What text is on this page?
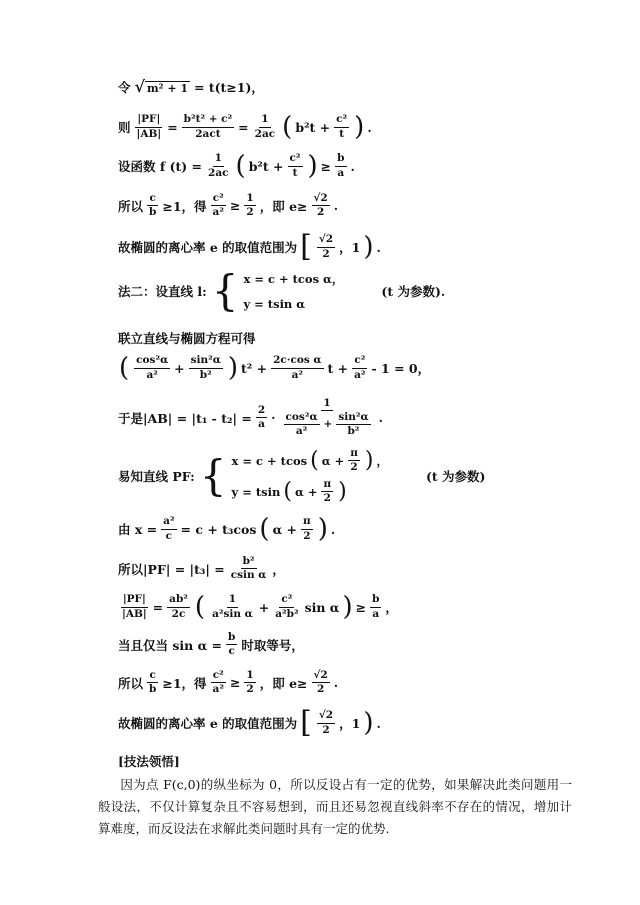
令 √ m² + 1 = t(t≥1)，
则 $\frac{|PF|}{|AB|} = \frac{\text{b²t² + c²}}{\text{2act}} = \frac{1}{2ac}$ ( $b^2t + \frac{\text{c²}}{t}$ ) .
设函数 f $(t) = \frac{1}{2ac}$ ( $b^2t + \frac{\text{c²}}{t}$ ) ≥ $\frac{b}{a}$ .
所以 $\frac{c}{b} \ge 1$，得 $\frac{\text{c²}}{\text{a²}} \ge \frac{1}{2}$ ，即 $e\ge \frac{√2}{2}$ .
故椭圆的离心率 e 的取值范围为 [ $\frac{√2}{2}$ ，1 ) .
法二：设直线 l: { x = c + tcos α，
y = tsin α
(t 为参数).
联立直线与椭圆方程可得
( $\frac{\text{cos²α}}{\text{a²}} + \frac{\text{sin²α}}{\text{b²}}$ ) $t^2 + \frac{\text{2c·cos α}}{\text{a²}}$ $t + \frac{\text{c²}}{\text{a²}} - 1 = 0$，
于是$|AB| = |t_1 - t_2| = \frac{2}{a} \cdot \frac{1}{\frac{\text{cos²α}}{\text{a²}} + \frac{\text{sin²α}}{\text{b²}}}$ .
易知直线 PF: { x = c + tcos ( $\alpha + \frac{\pi}{2}$ ) ，
y = tsin ( $\alpha + \frac{\pi}{2}$ )
(t 为参数)
由 $x = \frac{\text{a²}}{c} = c + t_3\cos$ ( $\alpha + \frac{\pi}{2}$ ) .
所以$|PF| = |t_3| = \frac{\text{b²}}{\text{csin α}}$ ，
$\frac{|PF|}{|AB|} = \frac{\text{ab²}}{2c}$ ( $\frac{1}{\text{a²sin α}} + \frac{\text{c²}}{\text{a²b²}}$ sin α ) ≥ $\frac{b}{a}$ ，
当且仅当 $\sin \alpha = \frac{b}{c}$ 时取等号，
所以 $\frac{c}{b} \ge 1$，得 $\frac{\text{c²}}{\text{a²}} \ge \frac{1}{2}$ ，即 $e\ge \frac{√2}{2}$ .
故椭圆的离心率 e 的取值范围为 [ $\frac{√2}{2}$ ，1 ) .
[技法领悟]
因为点 F(c,0)的纵坐标为 0，所以反设占有一定的优势，如果解决此类问题用一般设法，不仅计算复杂且不容易想到，而且还易忽视直线斜率不存在的情况，增加计算难度，而反设法在求解此类问题时具有一定的优势.
